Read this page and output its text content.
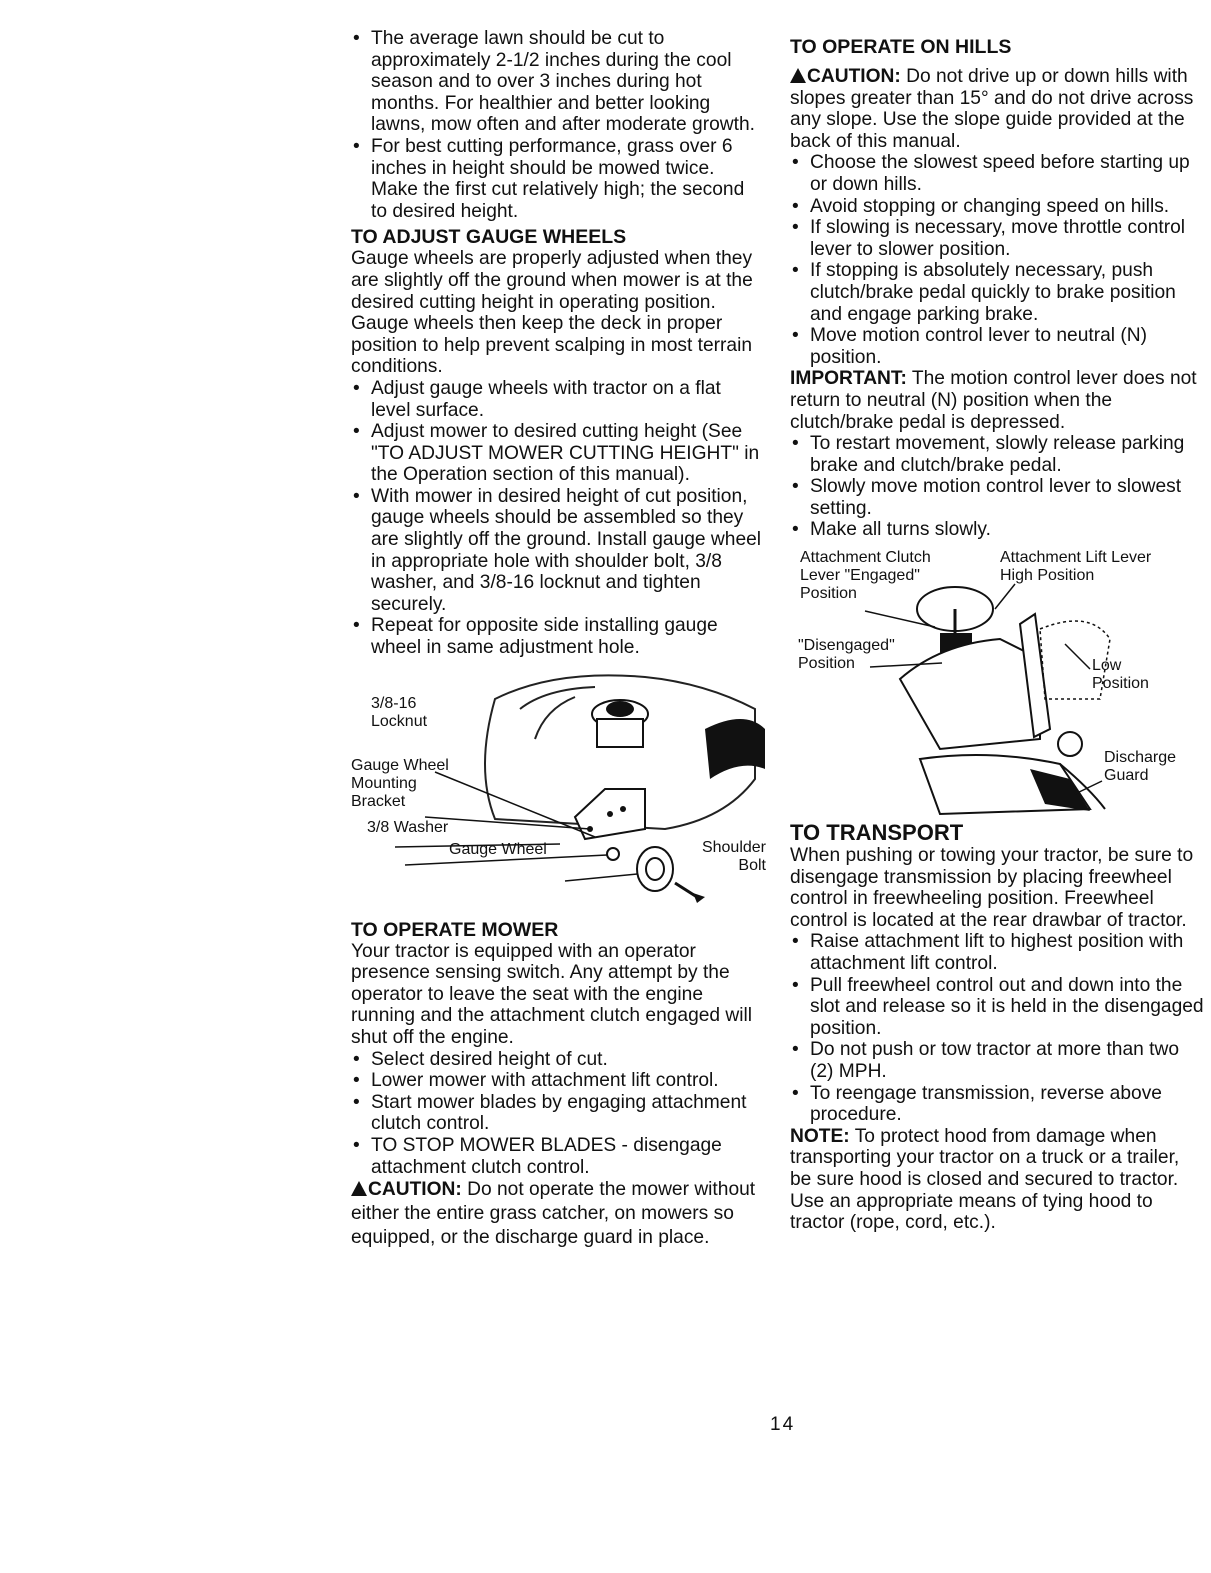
• The average lawn should be cut to approximately 2-1/2 inches during the cool season and to over 3 inches during hot months. For healthier and better looking lawns, mow often and after moderate growth.
• For best cutting performance, grass over 6 inches in height should be mowed twice. Make the first cut relatively high; the second to desired height.
TO ADJUST GAUGE WHEELS

Gauge wheels are properly adjusted when they are slightly off the ground when mower is at the desired cutting height in operating position. Gauge wheels then keep the deck in proper position to help prevent scalping in most terrain conditions.

• Adjust gauge wheels with tractor on a flat level surface.
• Adjust mower to desired cutting height (See "TO ADJUST MOWER CUTTING HEIGHT" in the Operation section of this manual).
• With mower in desired height of cut position, gauge wheels should be assembled so they are slightly off the ground. Install gauge wheel in appropriate hole with shoulder bolt, 3/8 washer, and 3/8-16 locknut and tighten securely.
• Repeat for opposite side installing gauge wheel in same adjustment hole.
3/8-16 Locknut
Gauge Wheel Mounting Bracket
3/8 Washer
Gauge Wheel	Shoulder Bolt
TO OPERATE MOWER

Your tractor is equipped with an operator presence sensing switch. Any attempt by the operator to leave the seat with the engine running and the attachment clutch engaged will shut off the engine.

• Select desired height of cut.
• Lower mower with attachment lift control.
• Start mower blades by engaging attachment clutch control.
• TO STOP MOWER BLADES - disengage attachment clutch control.

CAUTION: Do not operate the mower without either the entire grass catcher, on mowers so equipped, or the discharge guard in place.

TO OPERATE ON HILLS

CAUTION: Do not drive up or down hills with slopes greater than 15° and do not drive across any slope. Use the slope guide provided at the back of this manual.

• Choose the slowest speed before starting up or down hills.
• Avoid stopping or changing speed on hills.
• If slowing is necessary, move throttle control lever to slower position.
• If stopping is absolutely necessary, push clutch/brake pedal quickly to brake position and engage parking brake.
• Move motion control lever to neutral (N) position.

IMPORTANT: The motion control lever does not return to neutral (N) position when the clutch/brake pedal is depressed.

• To restart movement, slowly release parking brake and clutch/brake pedal.
• Slowly move motion control lever to slowest setting.
• Make all turns slowly.
Attachment Clutch Lever "Engaged" Position
Attachment Lift Lever High Position
"Disengaged" Position	Low Position
Discharge Guard
TO TRANSPORT

When pushing or towing your tractor, be sure to disengage transmission by placing freewheel control in freewheeling position. Freewheel control is located at the rear drawbar of tractor.

• Raise attachment lift to highest position with attachment lift control.
• Pull freewheel control out and down into the slot and release so it is held in the disengaged position.
• Do not push or tow tractor at more than two (2) MPH.
• To reengage transmission, reverse above procedure.

NOTE: To protect hood from damage when transporting your tractor on a truck or a trailer, be sure hood is closed and secured to tractor. Use an appropriate means of tying hood to tractor (rope, cord, etc.).

14
